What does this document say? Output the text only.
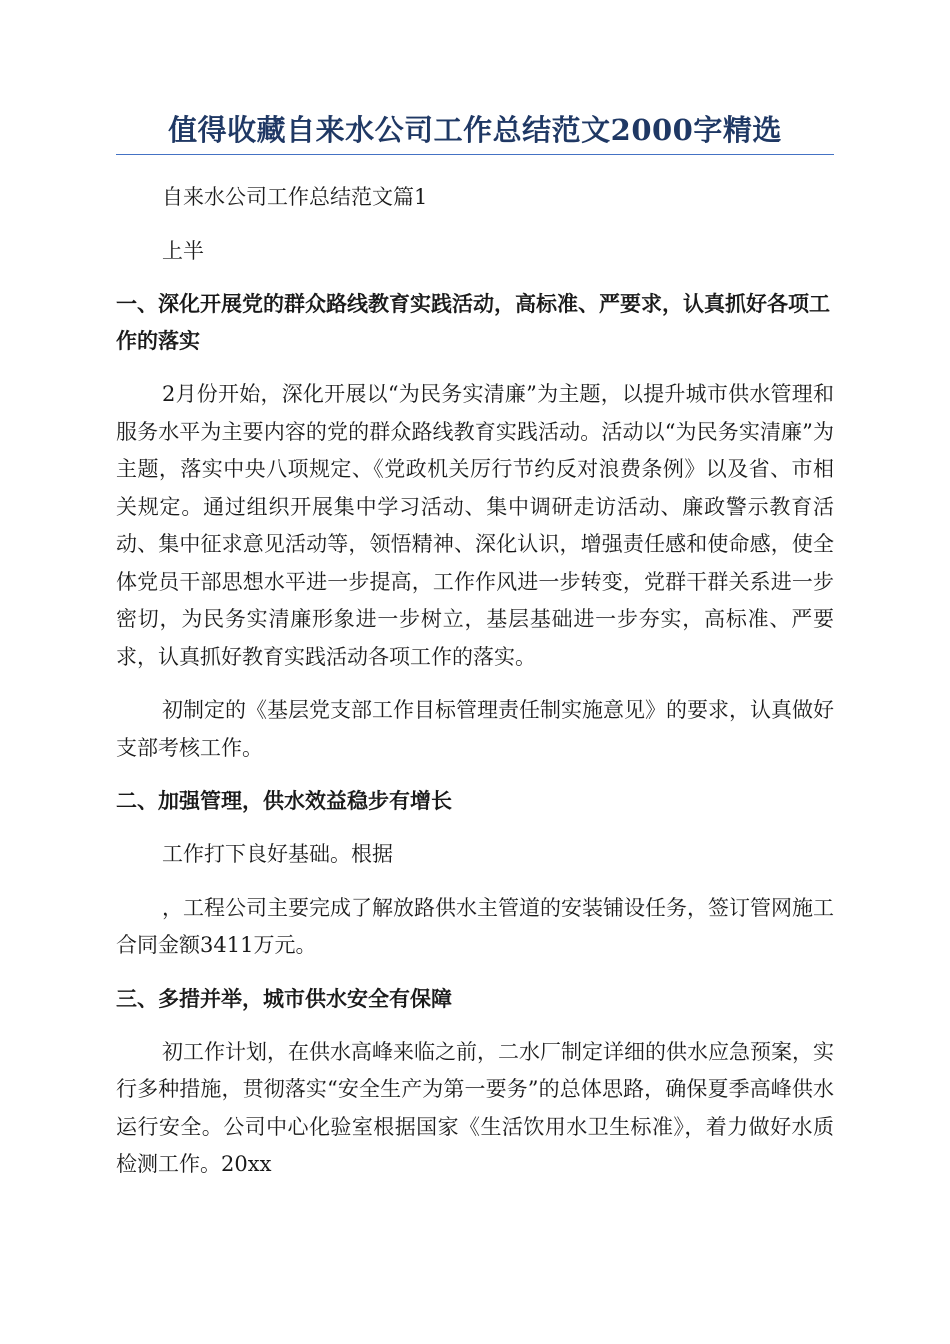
值得收藏自来水公司工作总结范文2000字精选

自来水公司工作总结范文篇1

上半

一、深化开展党的群众路线教育实践活动，高标准、严要求，认真抓好各项工作的落实

2月份开始，深化开展以“为民务实清廉”为主题，以提升城市供水管理和服务水平为主要内容的党的群众路线教育实践活动。活动以“为民务实清廉”为主题，落实中央八项规定、《党政机关厉行节约反对浪费条例》以及省、市相关规定。通过组织开展集中学习活动、集中调研走访活动、廉政警示教育活动、集中征求意见活动等，领悟精神、深化认识，增强责任感和使命感，使全体党员干部思想水平进一步提高，工作作风进一步转变，党群干群关系进一步密切，为民务实清廉形象进一步树立，基层基础进一步夯实，高标准、严要求，认真抓好教育实践活动各项工作的落实。

初制定的《基层党支部工作目标管理责任制实施意见》的要求，认真做好支部考核工作。

二、加强管理，供水效益稳步有增长

工作打下良好基础。根据

，工程公司主要完成了解放路供水主管道的安装铺设任务，签订管网施工合同金额3411万元。

三、多措并举，城市供水安全有保障

初工作计划，在供水高峰来临之前，二水厂制定详细的供水应急预案，实行多种措施，贯彻落实“安全生产为第一要务”的总体思路，确保夏季高峰供水运行安全。公司中心化验室根据国家《生活饮用水卫生标准》，着力做好水质检测工作。20xx
